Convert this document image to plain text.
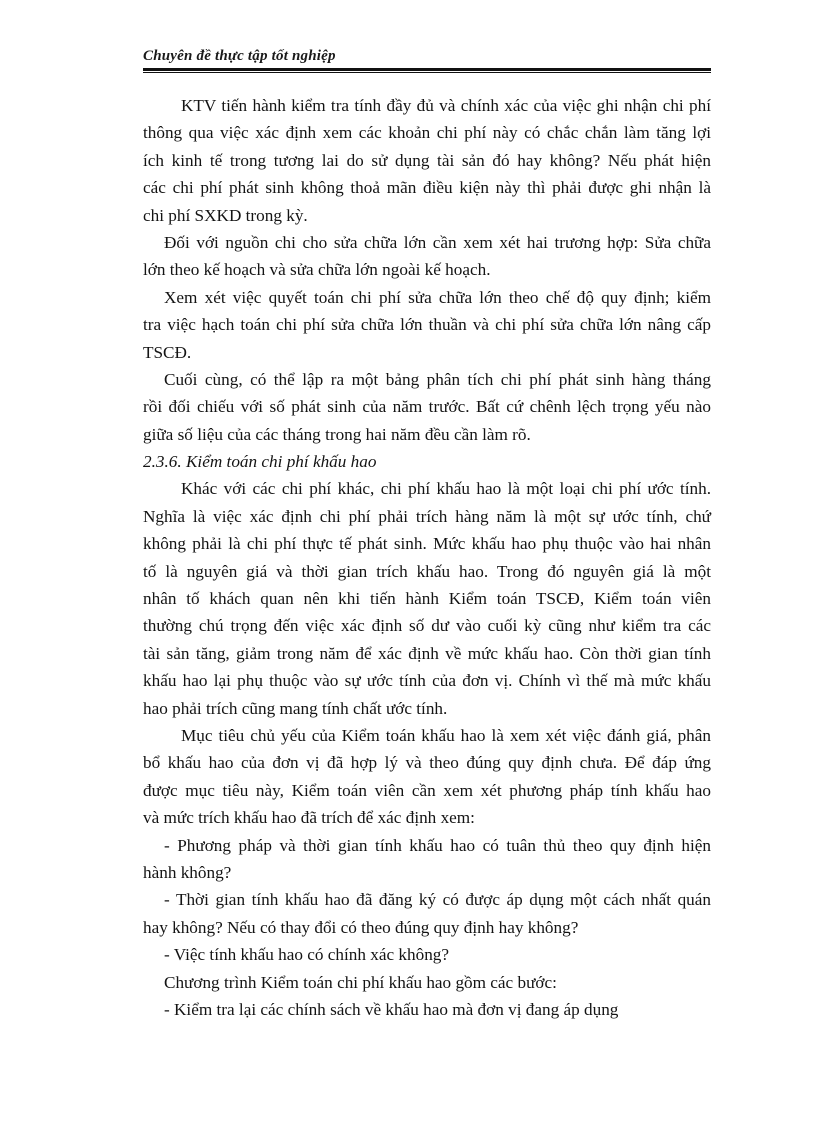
Chuyên đề thực tập tốt nghiệp
KTV tiến hành kiểm tra tính đầy đủ và chính xác của việc ghi nhận chi phí
thông qua việc xác định xem các khoản chi phí này có chắc chắn làm tăng lợi
ích kinh tế trong tương lai do sử dụng tài sản đó hay không? Nếu phát hiện
các chi phí phát sinh không thoả mãn điều kiện này thì phải được ghi nhận là
chi phí SXKD trong kỳ.
Đối với nguồn chi cho sửa chữa lớn cần xem xét hai trương hợp: Sửa chữa
lớn theo kế hoạch và sửa chữa lớn ngoài kế hoạch.
Xem xét việc quyết toán chi phí sửa chữa lớn theo chế độ quy định; kiểm
tra việc hạch toán chi phí sửa chữa lớn thuần và chi phí sửa chữa lớn nâng cấp
TSCĐ.
Cuối cùng, có thể lập ra một bảng phân tích chi phí phát sinh hàng tháng
rồi đối chiếu với số phát sinh của năm trước. Bất cứ chênh lệch trọng yếu nào
giữa số liệu của các tháng trong hai năm đều cần làm rõ.
2.3.6. Kiểm toán chi phí khấu hao
Khác với các chi phí khác, chi phí khấu hao là một loại chi phí ước tính.
Nghĩa là việc xác định chi phí phải trích hàng năm là một sự ước tính, chứ
không phải là chi phí thực tế phát sinh. Mức khấu hao phụ thuộc vào hai nhân
tố là nguyên giá và thời gian trích khấu hao. Trong đó nguyên giá là một
nhân tố khách quan nên khi tiến hành Kiểm toán TSCĐ, Kiểm toán viên
thường chú trọng đến việc xác định số dư vào cuối kỳ cũng như kiểm tra các
tài sản tăng, giảm trong năm để xác định về mức khấu hao. Còn thời gian tính
khấu hao lại phụ thuộc vào sự ước tính của đơn vị. Chính vì thế mà mức khấu
hao phải trích cũng mang tính chất ước tính.
Mục tiêu chủ yếu của Kiểm toán khấu hao là xem xét việc đánh giá, phân
bổ khấu hao của đơn vị đã hợp lý và theo đúng quy định chưa. Để đáp ứng
được mục tiêu này, Kiểm toán viên cần xem xét phương pháp tính khấu hao
và mức trích khấu hao đã trích để xác định xem:
- Phương pháp và thời gian tính khấu hao có tuân thủ theo quy định hiện
hành không?
- Thời gian tính khấu hao đã đăng ký có được áp dụng một cách nhất quán
hay không? Nếu có thay đổi có theo đúng quy định hay không?
- Việc tính khấu hao có chính xác không?
Chương trình Kiểm toán chi phí khấu hao gồm các bước:
- Kiểm tra lại các chính sách về khấu hao mà đơn vị đang áp dụng
